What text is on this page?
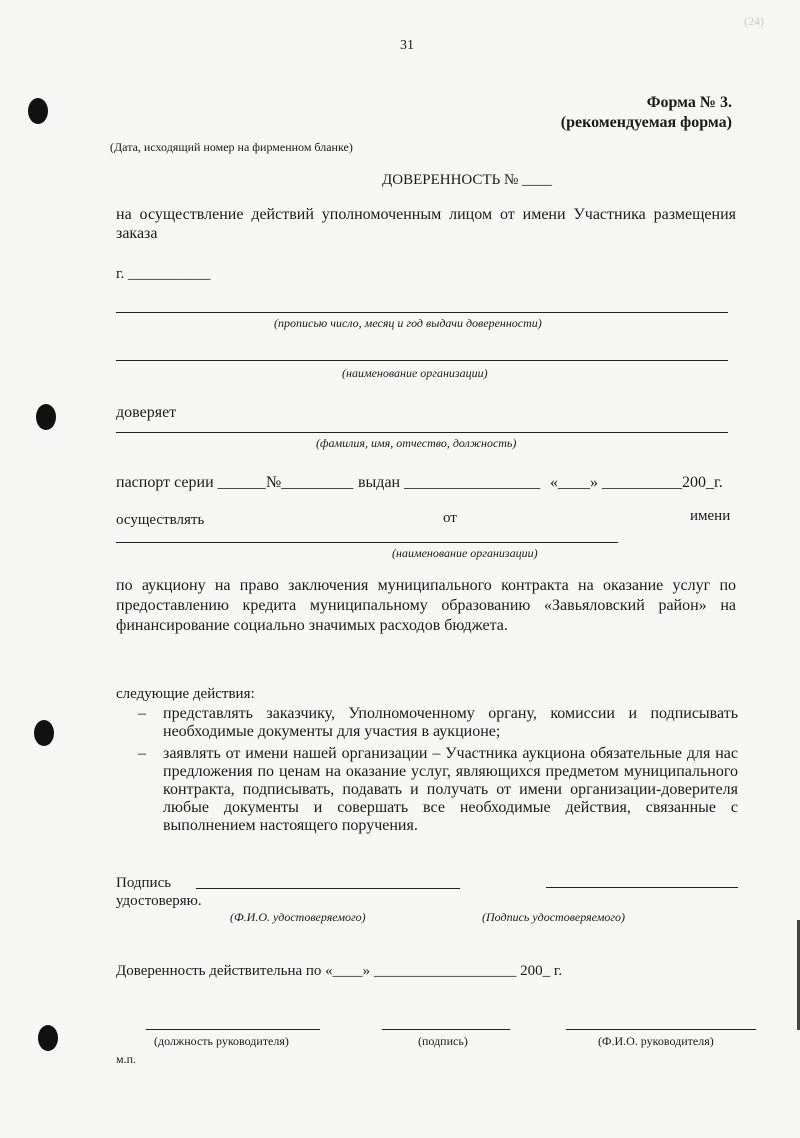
31
(24)
Форма № 3.
(рекомендуемая форма)
(Дата, исходящий номер на фирменном бланке)
ДОВЕРЕННОСТЬ № ____
на осуществление действий уполномоченным лицом от имени Участника размещения
заказа
г. ___________
(прописью число, месяц и год выдачи доверенности)
(наименование организации)
доверяет
(фамилия, имя, отчество, должность)
паспорт серии ______ №_________ выдан _________________ «____» __________200_г.
осуществлять	от	имени
(наименование организации)
по аукциону на право заключения муниципального контракта на оказание услуг по
предоставлению кредита муниципальному образованию «Завьяловский район» на
финансирование социально значимых расходов бюджета.
следующие действия:
– представлять заказчику, Уполномоченному органу, комиссии и подписывать
необходимые документы для участия в аукционе;
– заявлять от имени нашей организации – Участника аукциона обязательные для нас
предложения по ценам на оказание услуг, являющихся предметом муниципального
контракта, подписывать, подавать и получать от имени организации-доверителя
любые документы и совершать все необходимые действия, связанные с
выполнением настоящего поручения.
Подпись
удостоверяю.
(Ф.И.О. удостоверяемого)	(Подпись удостоверяемого)
Доверенность действительна по «____» ___________________ 200_ г.
(должность руководителя)	(подпись)	(Ф.И.О. руководителя)
м.п.
